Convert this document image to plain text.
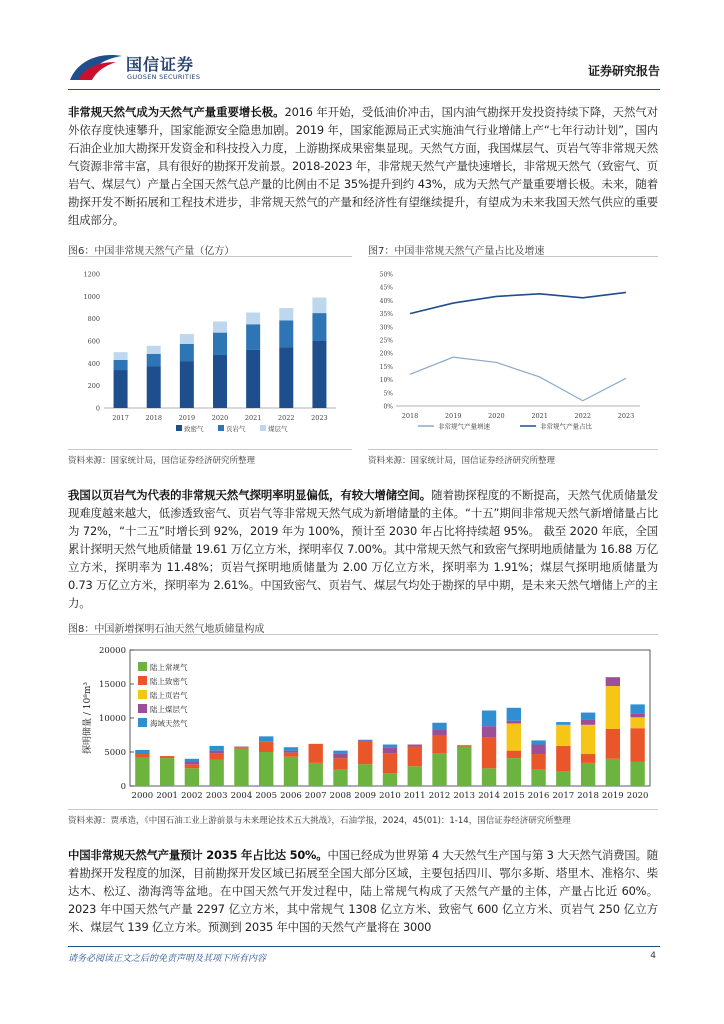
国信证券
GUOSEN SECURITIES	证券研究报告
非常规天然气成为天然气产量重要增长极。2016 年开始，受低油价冲击，国内油气勘探开发投资持续下降，天然气对外依存度快速攀升，国家能源安全隐患加剧。2019 年，国家能源局正式实施油气行业增储上产“七年行动计划”，国内石油企业加大勘探开发资金和科技投入力度，上游勘探成果密集显现。天然气方面，我国煤层气、页岩气等非常规天然气资源非常丰富，具有很好的勘探开发前景。2018-2023 年，非常规天然气产量快速增长，非常规天然气（致密气、页岩气、煤层气）产量占全国天然气总产量的比例由不足 35%提升到约 43%，成为天然气产量重要增长极。未来，随着勘探开发不断拓展和工程技术进步，非常规天然气的产量和经济性有望继续提升，有望成为未来我国天然气供应的重要组成部分。
图6：中国非常规天然气产量（亿方）
0
200
400
600
800
1000
1200
2017	2018	2019	2020	2021	2022	2023
致密气	页岩气	煤层气
资料来源：国家统计局，国信证券经济研究所整理
图7：中国非常规天然气产量占比及增速
0%
5%
10%
15%
20%
25%
30%
35%
40%
45%
50%
2018	2019	2020	2021	2022	2023
非常规气产量增速	非常规气产量占比
资料来源：国家统计局，国信证券经济研究所整理
我国以页岩气为代表的非常规天然气探明率明显偏低，有较大增储空间。随着勘探程度的不断提高，天然气优质储量发现难度越来越大，低渗透致密气、页岩气等非常规天然气成为新增储量的主体。“十五”期间非常规天然气新增储量占比为 72%，“十二五”时增长到 92%，2019 年为 100%，预计至 2030 年占比将持续超 95%。 截至 2020 年底，全国累计探明天然气地质储量 19.61 万亿立方米，探明率仅 7.00%。其中常规天然气和致密气探明地质储量为 16.88 万亿立方米，探明率为 11.48%；页岩气探明地质储量为 2.00 万亿立方米，探明率为 1.91%；煤层气探明地质储量为 0.73 万亿立方米，探明率为 2.61%。中国致密气、页岩气、煤层气均处于勘探的早中期，是未来天然气增储上产的主力。
图8：中国新增探明石油天然气地质储量构成
0
5000
10000
15000
20000
探明储量 / 10⁸m³
2000 2001 2002 2003 2004 2005 2006 2007 2008 2009 2010 2011 2012 2013 2014 2015 2016 2017 2018 2019 2020
陆上常规气
陆上致密气
陆上页岩气
陆上煤层气
海域天然气
资料来源：贾承造，《中国石油工业上游前景与未来理论技术五大挑战》，石油学报，2024，45(01)：1-14，国信证券经济研究所整理
中国非常规天然气产量预计 2035 年占比达 50%。中国已经成为世界第 4 大天然气生产国与第 3 大天然气消费国。随着勘探开发程度的加深，目前勘探开发区域已拓展至全国大部分区域，主要包括四川、鄂尔多斯、塔里木、准格尔、柴达木、松辽、渤海湾等盆地。在中国天然气开发过程中，陆上常规气构成了天然气产量的主体，产量占比近 60%。2023 年中国天然气产量 2297 亿立方米，其中常规气 1308 亿立方米、致密气 600 亿立方米、页岩气 250 亿立方米、煤层气 139 亿立方米。预测到 2035 年中国的天然气产量将在 3000
请务必阅读正文之后的免责声明及其项下所有内容	4
